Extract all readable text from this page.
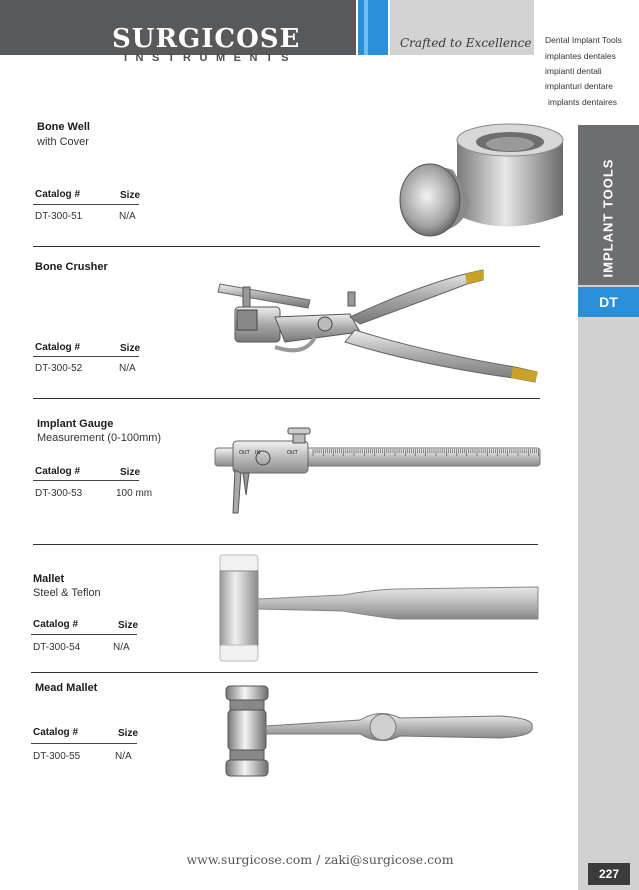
SURGICOSE
INSTRUMENTS
Crafted to Excellence Dental Implant Tools
implantes dentales
impianti dentali
implanturi dentare
implants dentaires
IMPLANT TOOLS
DT
227
Bone Well
with Cover
Catalog #	Size
DT-300-51	N/A
Bone Crusher
Catalog #	Size
DT-300-52	N/A
Implant Gauge
Measurement (0-100mm)
Catalog #	Size
DT-300-53	100 mm
OUT IN	OUT
Mallet
Steel & Teflon
Catalog #	Size
DT-300-54	N/A
Mead Mallet
Catalog #	Size
DT-300-55	N/A
www.surgicose.com / zaki@surgicose.com
